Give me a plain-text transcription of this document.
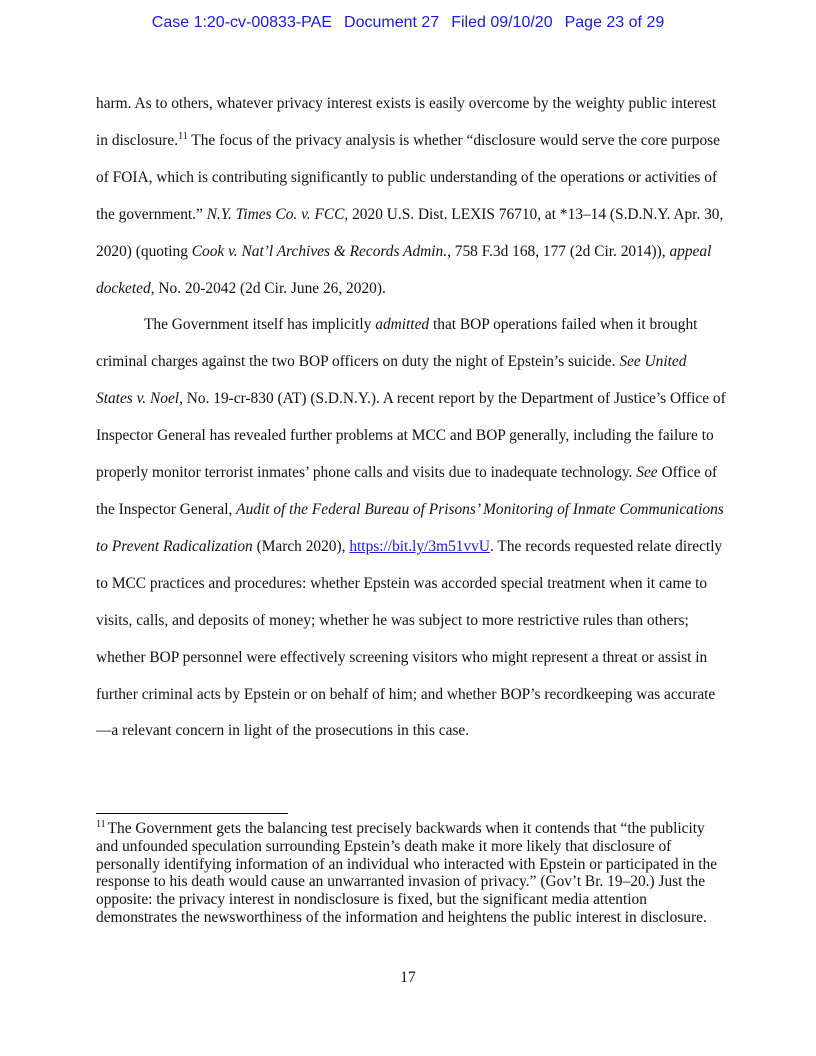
Case 1:20-cv-00833-PAE Document 27 Filed 09/10/20 Page 23 of 29

harm. As to others, whatever privacy interest exists is easily overcome by the weighty public interest in disclosure.$^{11}$ The focus of the privacy analysis is whether “disclosure would serve the core purpose of FOIA, which is contributing significantly to public understanding of the operations or activities of the government.” N.Y. Times Co. v. FCC, 2020 U.S. Dist. LEXIS 76710, at *13–14 (S.D.N.Y. Apr. 30, 2020) (quoting Cook v. Nat’l Archives & Records Admin., 758 F.3d 168, 177 (2d Cir. 2014)), appeal docketed, No. 20-2042 (2d Cir. June 26, 2020).

The Government itself has implicitly admitted that BOP operations failed when it brought criminal charges against the two BOP officers on duty the night of Epstein’s suicide. See United States v. Noel, No. 19-cr-830 (AT) (S.D.N.Y.). A recent report by the Department of Justice’s Office of Inspector General has revealed further problems at MCC and BOP generally, including the failure to properly monitor terrorist inmates’ phone calls and visits due to inadequate technology. See Office of the Inspector General, Audit of the Federal Bureau of Prisons’ Monitoring of Inmate Communications to Prevent Radicalization (March 2020), https://bit.ly/3m51vvU. The records requested relate directly to MCC practices and procedures: whether Epstein was accorded special treatment when it came to visits, calls, and deposits of money; whether he was subject to more restrictive rules than others; whether BOP personnel were effectively screening visitors who might represent a threat or assist in further criminal acts by Epstein or on behalf of him; and whether BOP’s recordkeeping was accurate—a relevant concern in light of the prosecutions in this case.

$^{11}$ The Government gets the balancing test precisely backwards when it contends that “the publicity and unfounded speculation surrounding Epstein’s death make it more likely that disclosure of personally identifying information of an individual who interacted with Epstein or participated in the response to his death would cause an unwarranted invasion of privacy.” (Gov’t Br. 19–20.) Just the opposite: the privacy interest in nondisclosure is fixed, but the significant media attention demonstrates the newsworthiness of the information and heightens the public interest in disclosure.
17
